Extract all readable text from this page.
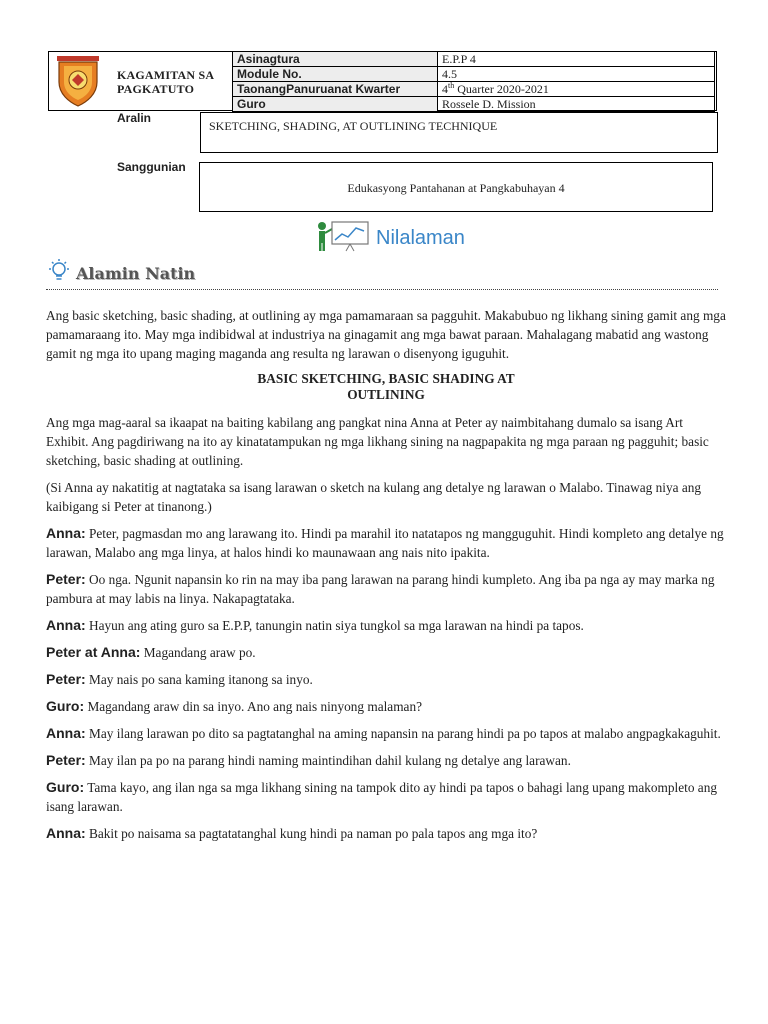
KAGAMITAN SA
PAGKATUTO
Asinagtura	E.P.P 4
Module No.	4.5
TaonangPanuruanat Kwarter	4th Quarter 2020-2021
Guro	Rossele D. Mission
Aralin
SKETCHING, SHADING, AT OUTLINING TECHNIQUE
Sanggunian
Edukasyong Pantahanan at Pangkabuhayan 4
Nilalaman
Alamin Natin

Ang basic sketching, basic shading, at outlining ay mga pamamaraan sa pagguhit. Makabubuo ng likhang sining gamit ang mga pamamaraang ito. May mga indibidwal at industriya na ginagamit ang mga bawat paraan. Mahalagang mabatid ang wastong gamit ng mga ito upang maging maganda ang resulta ng larawan o disenyong iguguhit.

BASIC SKETCHING, BASIC SHADING AT
OUTLINING

Ang mga mag-aaral sa ikaapat na baiting kabilang ang pangkat nina Anna at Peter ay naimbitahang dumalo sa isang Art Exhibit. Ang pagdiriwang na ito ay kinatatampukan ng mga likhang sining na nagpapakita ng mga paraan ng pagguhit; basic sketching, basic shading at outlining.

(Si Anna ay nakatitig at nagtataka sa isang larawan o sketch na kulang ang detalye ng larawan o Malabo. Tinawag niya ang kaibigang si Peter at tinanong.)

Anna: Peter, pagmasdan mo ang larawang ito. Hindi pa marahil ito natatapos ng mangguguhit. Hindi kompleto ang detalye ng larawan, Malabo ang mga linya, at halos hindi ko maunawaan ang nais nito ipakita.

Peter: Oo nga. Ngunit napansin ko rin na may iba pang larawan na parang hindi kumpleto. Ang iba pa nga ay may marka ng pambura at may labis na linya. Nakapagtataka.

Anna: Hayun ang ating guro sa E.P.P, tanungin natin siya tungkol sa mga larawan na hindi pa tapos.

Peter at Anna: Magandang araw po.

Peter: May nais po sana kaming itanong sa inyo.

Guro: Magandang araw din sa inyo. Ano ang nais ninyong malaman?

Anna: May ilang larawan po dito sa pagtatanghal na aming napansin na parang hindi pa po tapos at malabo angpagkakaguhit.

Peter: May ilan pa po na parang hindi naming maintindihan dahil kulang ng detalye ang larawan.

Guro: Tama kayo, ang ilan nga sa mga likhang sining na tampok dito ay hindi pa tapos o bahagi lang upang makompleto ang isang larawan.

Anna: Bakit po naisama sa pagtatatanghal kung hindi pa naman po pala tapos ang mga ito?
